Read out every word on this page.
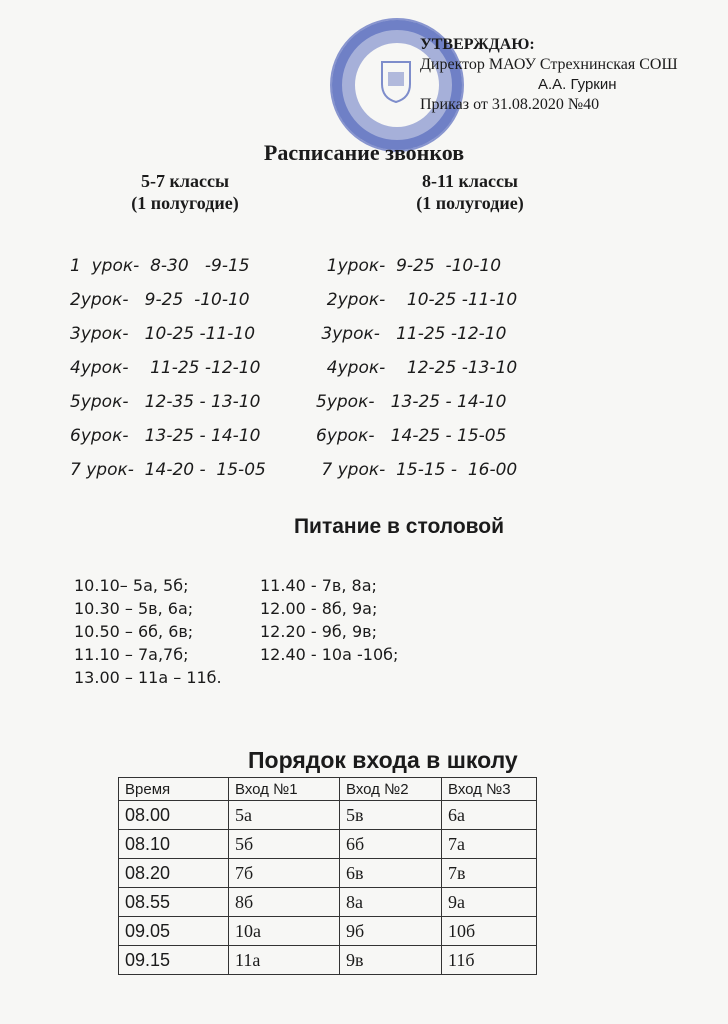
УТВЕРЖДАЮ:
Директор МАОУ Стрехнинская СОШ
А.А. Гуркин
Приказ от 31.08.2020 №40
Расписание звонков
5-7 классы
(1 полугодие)
8-11 классы
(1 полугодие)
1  урок-  8-30   -9-15
2урок-   9-25  -10-10
3урок-   10-25 -11-10
4урок-    11-25 -12-10
5урок-   12-35 - 13-10
6урок-   13-25 - 14-10
7 урок-  14-20 -  15-05
1урок-  9-25  -10-10
2урок-    10-25 -11-10
3урок-   11-25 -12-10
4урок-    12-25 -13-10
5урок-   13-25 - 14-10
6урок-   14-25 - 15-05
7 урок-  15-15 -  16-00
Питание в столовой
10.10– 5а, 5б;	11.40 - 7в, 8а;
10.30 – 5в, 6а;	12.00 - 8б, 9а;
10.50 – 6б, 6в;	12.20 - 9б, 9в;
11.10 – 7а,7б;	12.40 - 10а -10б;
13.00 – 11а – 11б.
Порядок входа в школу
Время	Вход №1	Вход №2	Вход №3
08.00	5а	5в	6а
08.10	5б	6б	7а
08.20	7б	6в	7в
08.55	8б	8а	9а
09.05	10а	9б	10б
09.15	11а	9в	11б
